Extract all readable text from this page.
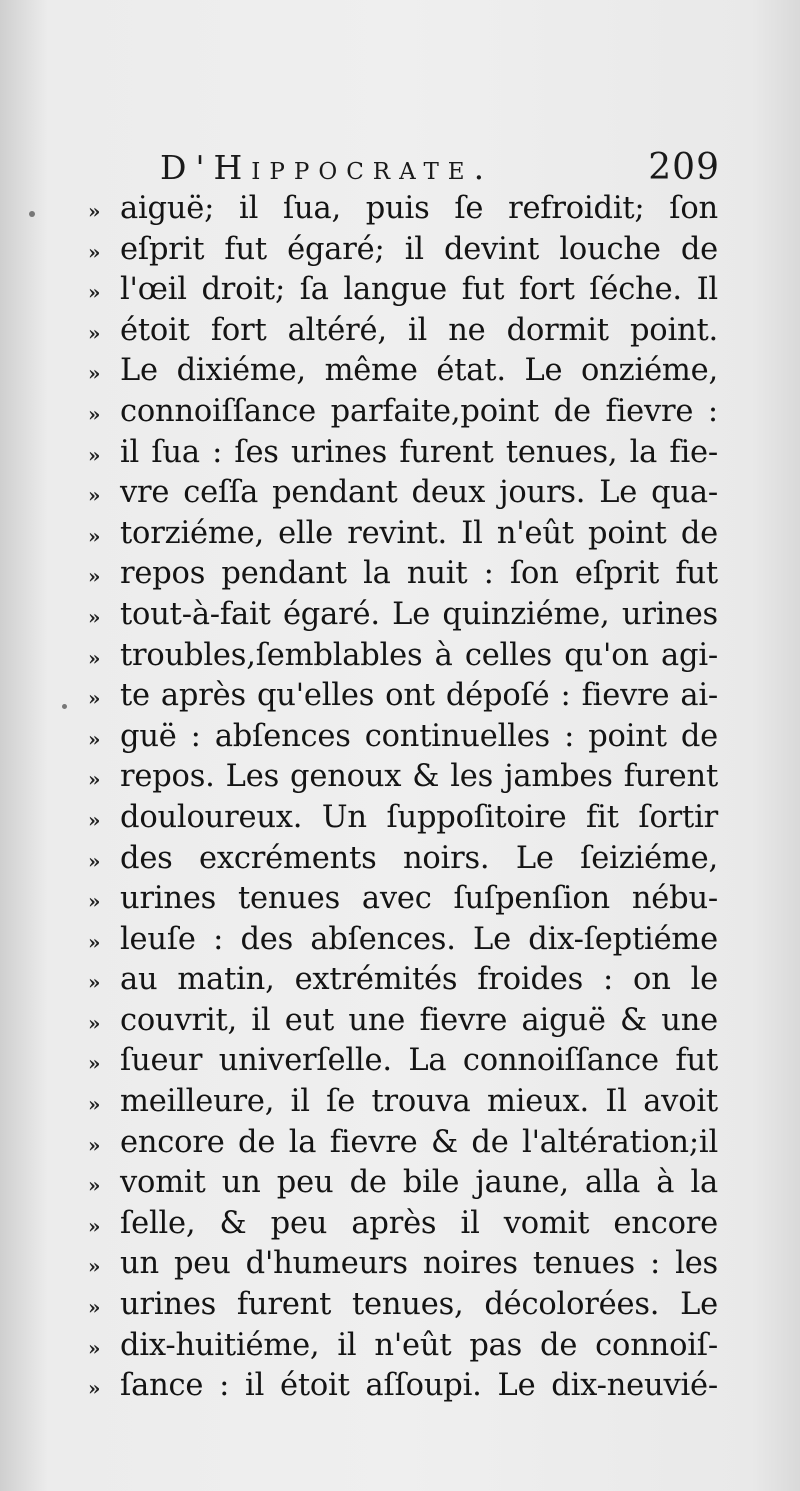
D'Hippocrate.	209
» aiguë; il ſua, puis ſe refroidit; ſon
» eſprit fut égaré; il devint louche de
» l'œil droit; ſa langue fut fort ſéche. Il
» étoit fort altéré, il ne dormit point.
» Le dixiéme, même état. Le onziéme,
» connoiſſance parfaite,point de fievre :
» il ſua : ſes urines furent tenues, la fie-
» vre ceſſa pendant deux jours. Le qua-
» torziéme, elle revint. Il n'eût point de
» repos pendant la nuit : ſon eſprit fut
» tout-à-fait égaré. Le quinziéme, urines
» troubles,ſemblables à celles qu'on agi-
» te après qu'elles ont dépoſé : fievre ai-
» guë : abſences continuelles : point de
» repos. Les genoux & les jambes furent
» douloureux. Un ſuppoſitoire fit ſortir
» des excréments noirs. Le ſeiziéme,
» urines tenues avec ſuſpenſion nébu-
» leuſe : des abſences. Le dix-ſeptiéme
» au matin, extrémités froides : on le
» couvrit, il eut une fievre aiguë & une
» ſueur univerſelle. La connoiſſance fut
» meilleure, il ſe trouva mieux. Il avoit
» encore de la fievre & de l'altération;il
» vomit un peu de bile jaune, alla à la
» ſelle, & peu après il vomit encore
» un peu d'humeurs noires tenues : les
» urines furent tenues, décolorées. Le
» dix-huitiéme, il n'eût pas de connoiſ-
» ſance : il étoit aſſoupi. Le dix-neuvié-
